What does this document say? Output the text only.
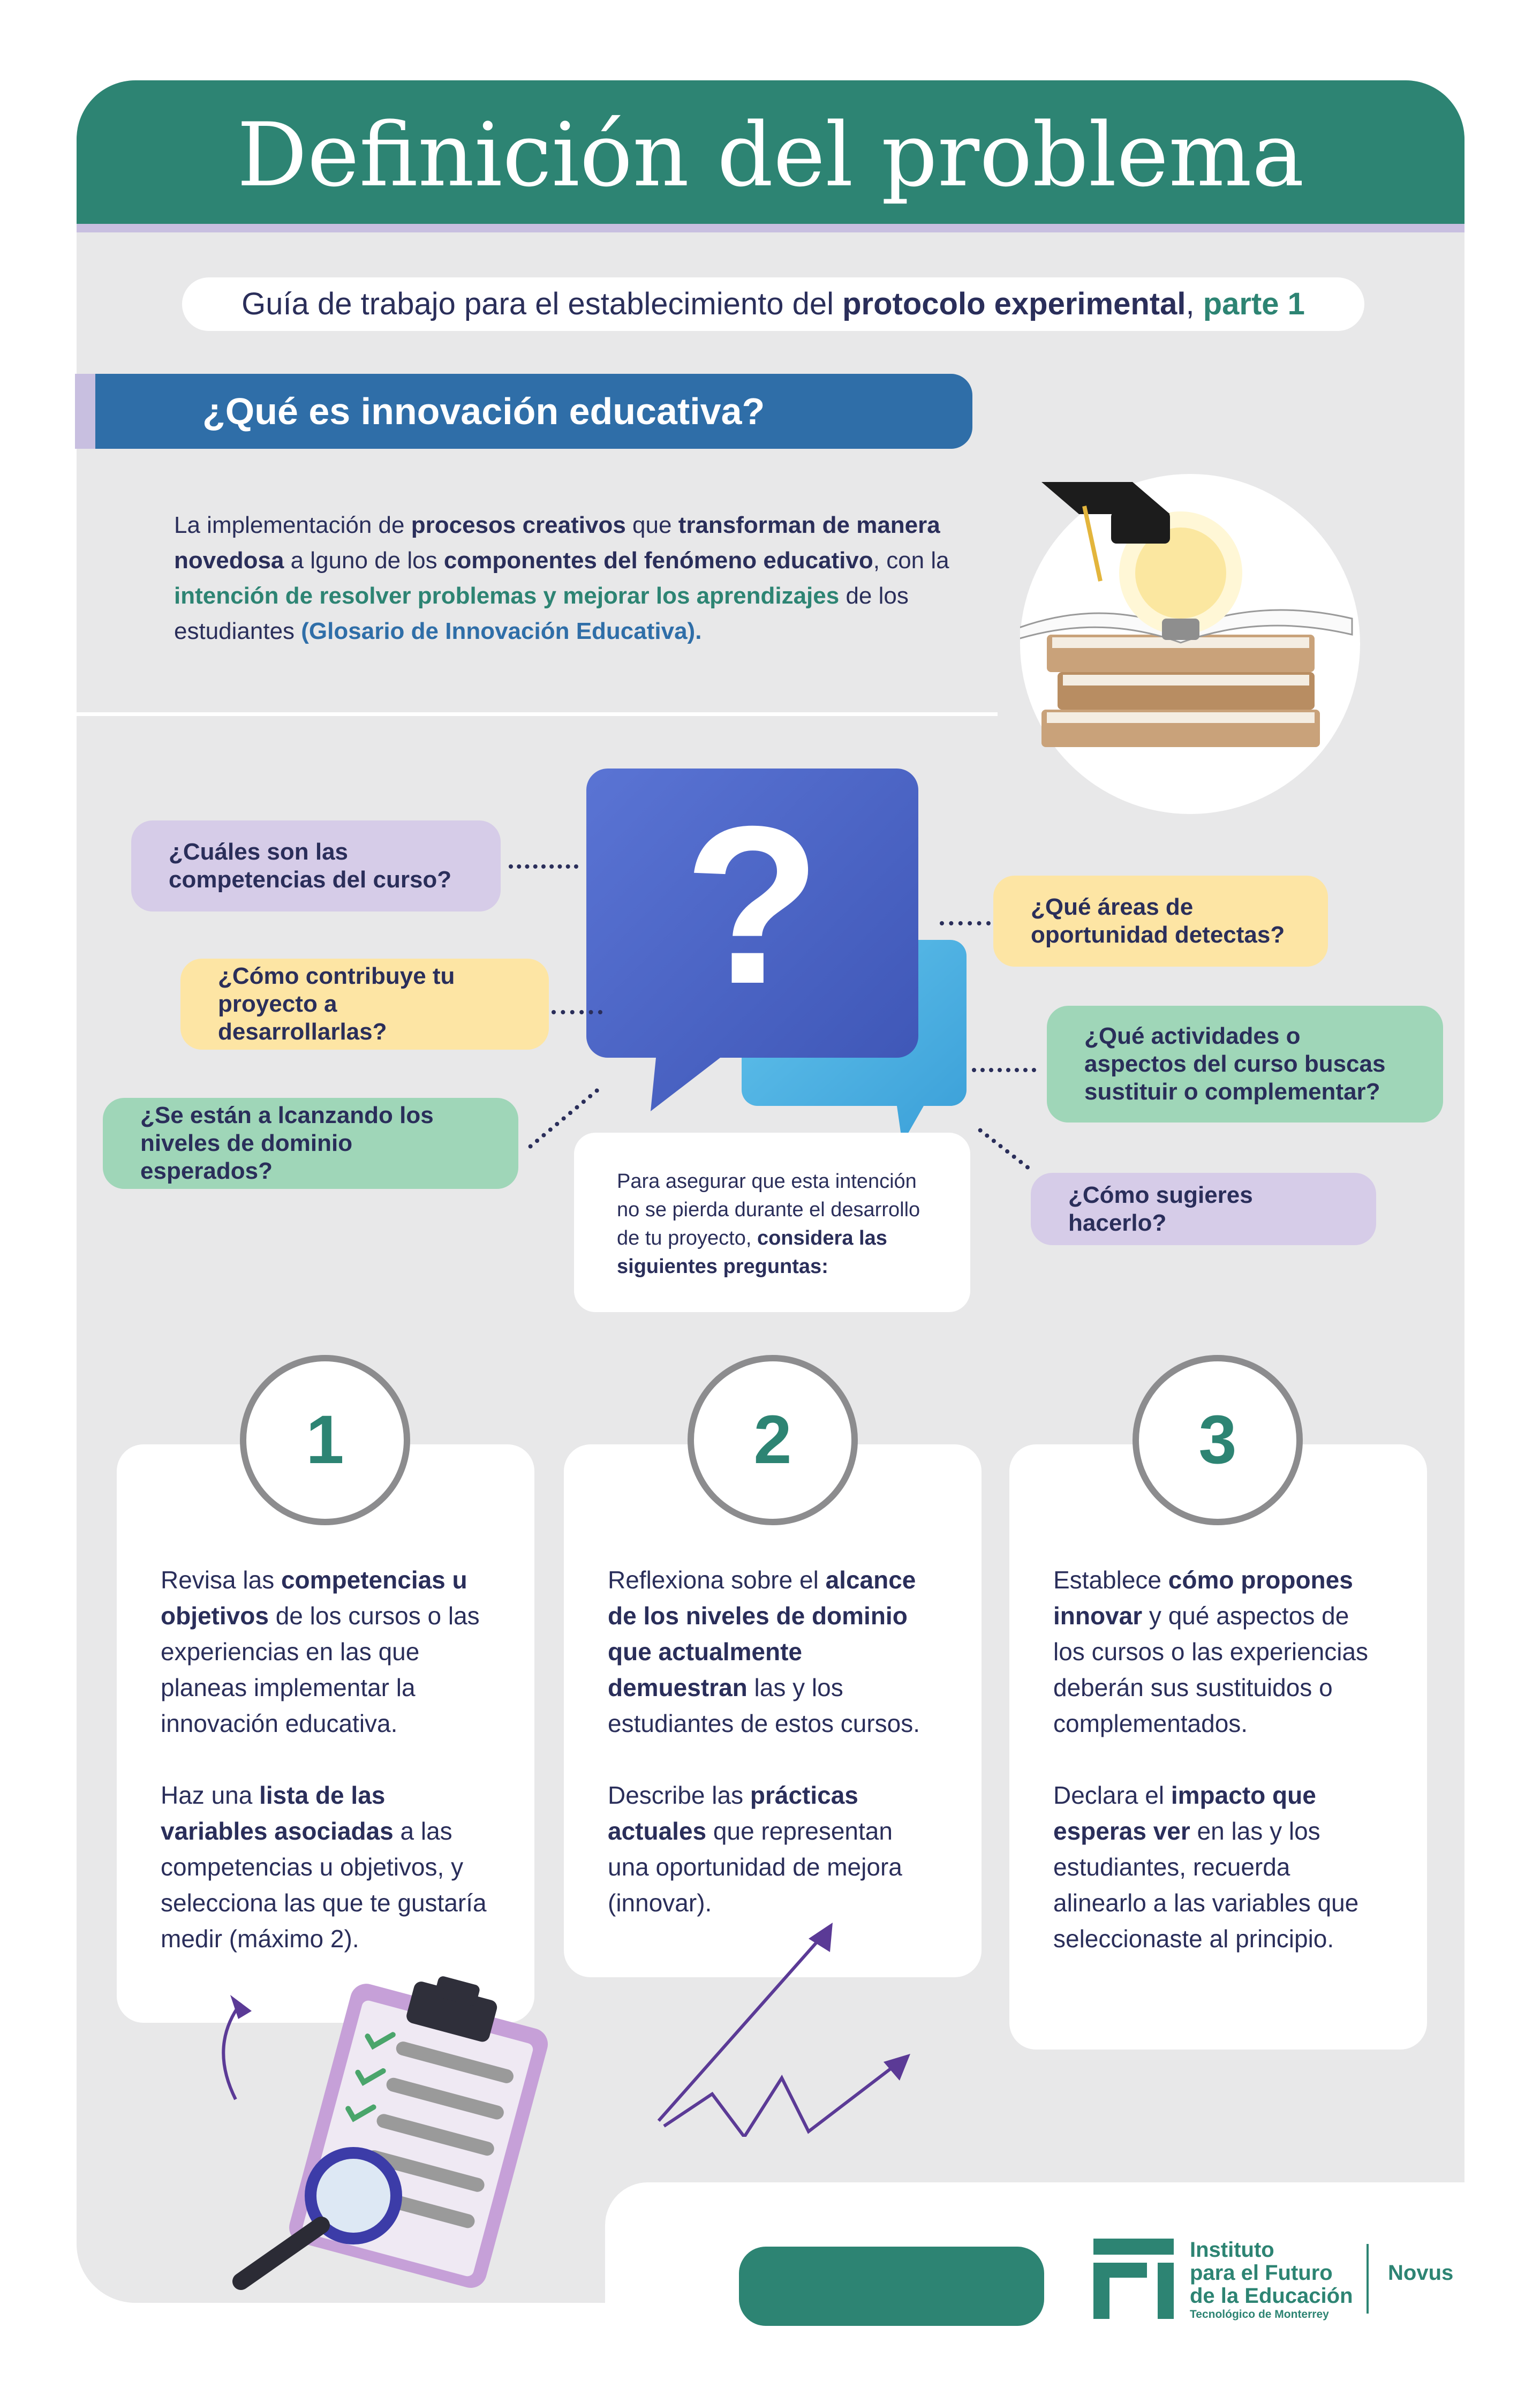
Definición del problema
Guía de trabajo para el establecimiento del protocolo experimental, parte 1
¿Qué es innovación educativa?
La implementación de procesos creativos que transforman de manera novedosa a lguno de los componentes del fenómeno educativo, con la intención de resolver problemas y mejorar los aprendizajes de los estudiantes (Glosario de Innovación Educativa).
?
¿Cuáles son las competencias del curso?
¿Cómo contribuye tu proyecto a desarrollarlas?
¿Se están a lcanzando los niveles de dominio esperados?
¿Qué áreas de oportunidad detectas?
¿Qué actividades o aspectos del curso buscas sustituir o complementar?
¿Cómo sugieres hacerlo?
Para asegurar que esta intención no se pierda durante el desarrollo de tu proyecto, considera las siguientes preguntas:

Revisa las competencias u objetivos de los cursos o las experiencias en las que planeas implementar la innovación educativa.

Haz una lista de las variables asociadas a las competencias u objetivos, y selecciona las que te gustaría medir (máximo 2).

1

Reflexiona sobre el alcance de los niveles de dominio que actualmente demuestran las y los estudiantes de estos cursos.

Describe las prácticas actuales que representan una oportunidad de mejora (innovar).

2

Establece cómo propones innovar y qué aspectos de los cursos o las experiencias deberán sus sustituidos o complementados.

Declara el impacto que esperas ver en las y los estudiantes, recuerda alinearlo a las variables que seleccionaste al principio.

3
Instituto
para el Futuro
de la Educación
Tecnológico de Monterrey
Novus
